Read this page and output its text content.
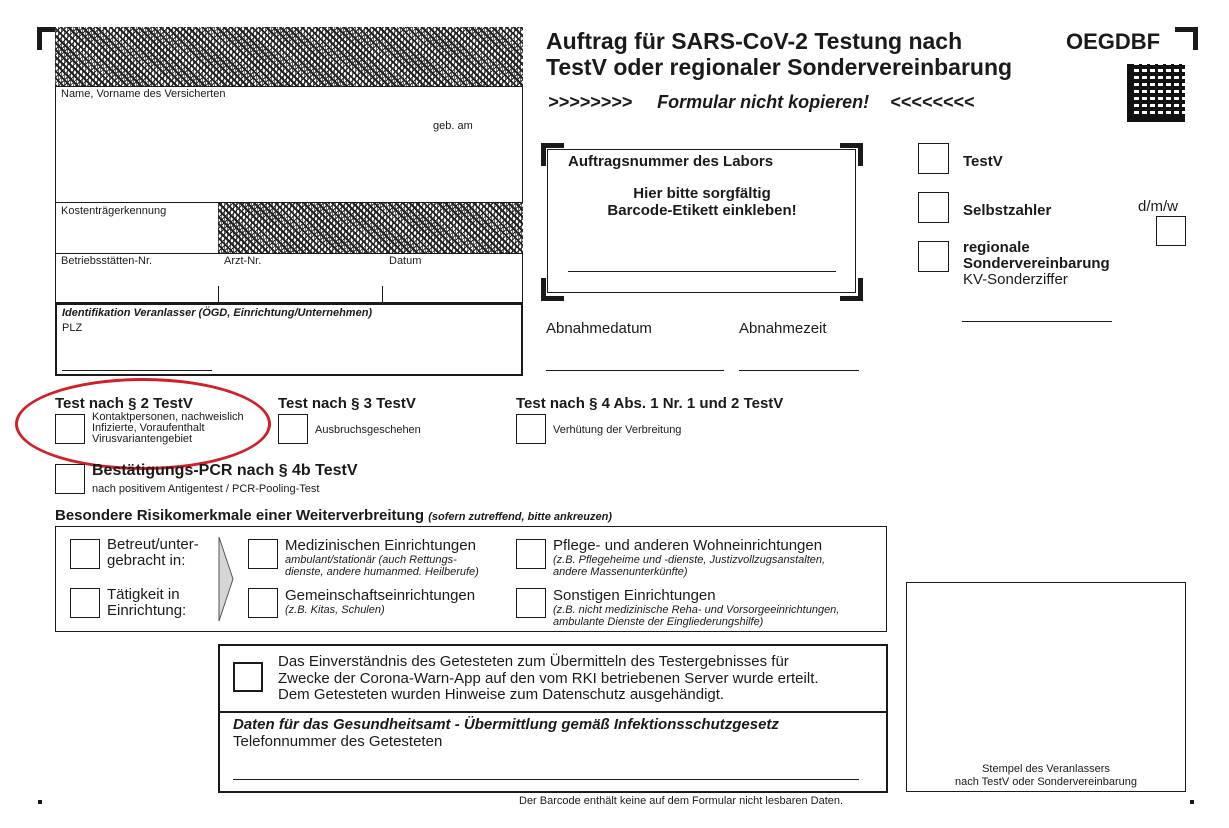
Auftrag für SARS-CoV-2 Testung nach
TestV oder regionaler Sondervereinbarung
OEGDBF
>>>>>>>> Formular nicht kopieren! <<<<<<<<
Name, Vorname des Versicherten
geb. am
Kostenträgerkennung
Betriebsstätten-Nr.	Arzt-Nr.	Datum
Identifikation Veranlasser (ÖGD, Einrichtung/Unternehmen)
PLZ
Auftragsnummer des Labors
Hier bitte sorgfältig
Barcode-Etikett einkleben!
TestV
Selbstzahler
regionale
Sondervereinbarung
KV-Sonderziffer
d/m/w
Abnahmedatum	Abnahmezeit
Test nach § 2 TestV
Kontaktpersonen, nachweislich
Infizierte, Voraufenthalt
Virusvariantengebiet
Test nach § 3 TestV
Ausbruchsgeschehen
Test nach § 4 Abs. 1 Nr. 1 und 2 TestV
Verhütung der Verbreitung
Bestätigungs-PCR nach § 4b TestV
nach positivem Antigentest / PCR-Pooling-Test
Besondere Risikomerkmale einer Weiterverbreitung (sofern zutreffend, bitte ankreuzen)
Betreut/unter-
gebracht in:
Tätigkeit in
Einrichtung:
Medizinischen Einrichtungen
ambulant/stationär (auch Rettungs-
dienste, andere humanmed. Heilberufe)
Pflege- und anderen Wohneinrichtungen
(z.B. Pflegeheime und -dienste, Justizvollzugsanstalten,
andere Massenunterkünfte)
Gemeinschaftseinrichtungen
(z.B. Kitas, Schulen)
Sonstigen Einrichtungen
(z.B. nicht medizinische Reha- und Vorsorgeeinrichtungen,
ambulante Dienste der Eingliederungshilfe)
Das Einverständnis des Getesteten zum Übermitteln des Testergebnisses für
Zwecke der Corona-Warn-App auf den vom RKI betriebenen Server wurde erteilt.
Dem Getesteten wurden Hinweise zum Datenschutz ausgehändigt.
Daten für das Gesundheitsamt - Übermittlung gemäß Infektionsschutzgesetz
Telefonnummer des Getesteten
Stempel des Veranlassers
nach TestV oder Sondervereinbarung
Der Barcode enthält keine auf dem Formular nicht lesbaren Daten.
